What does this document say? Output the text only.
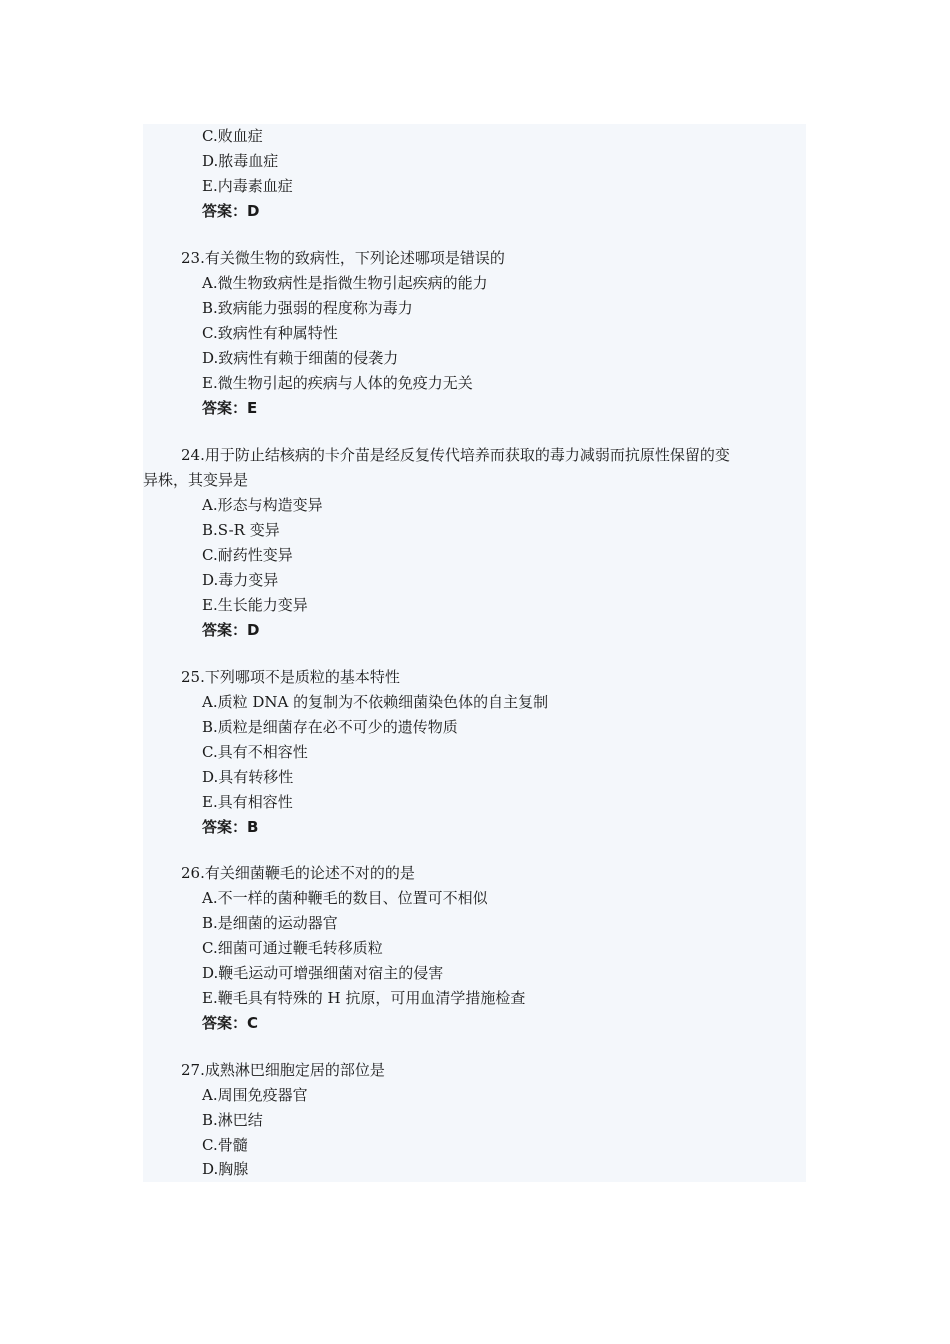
C.败血症
D.脓毒血症
E.内毒素血症
答案：D
23.有关微生物的致病性，下列论述哪项是错误的
A.微生物致病性是指微生物引起疾病的能力
B.致病能力强弱的程度称为毒力
C.致病性有种属特性
D.致病性有赖于细菌的侵袭力
E.微生物引起的疾病与人体的免疫力无关
答案：E
24.用于防止结核病的卡介苗是经反复传代培养而获取的毒力减弱而抗原性保留的变
异株，其变异是
A.形态与构造变异
B.S-R 变异
C.耐药性变异
D.毒力变异
E.生长能力变异
答案：D
25.下列哪项不是质粒的基本特性
A.质粒 DNA 的复制为不依赖细菌染色体的自主复制
B.质粒是细菌存在必不可少的遗传物质
C.具有不相容性
D.具有转移性
E.具有相容性
答案：B
26.有关细菌鞭毛的论述不对的的是
A.不一样的菌种鞭毛的数目、位置可不相似
B.是细菌的运动器官
C.细菌可通过鞭毛转移质粒
D.鞭毛运动可增强细菌对宿主的侵害
E.鞭毛具有特殊的 H 抗原，可用血清学措施检查
答案：C
27.成熟淋巴细胞定居的部位是
A.周围免疫器官
B.淋巴结
C.骨髓
D.胸腺
